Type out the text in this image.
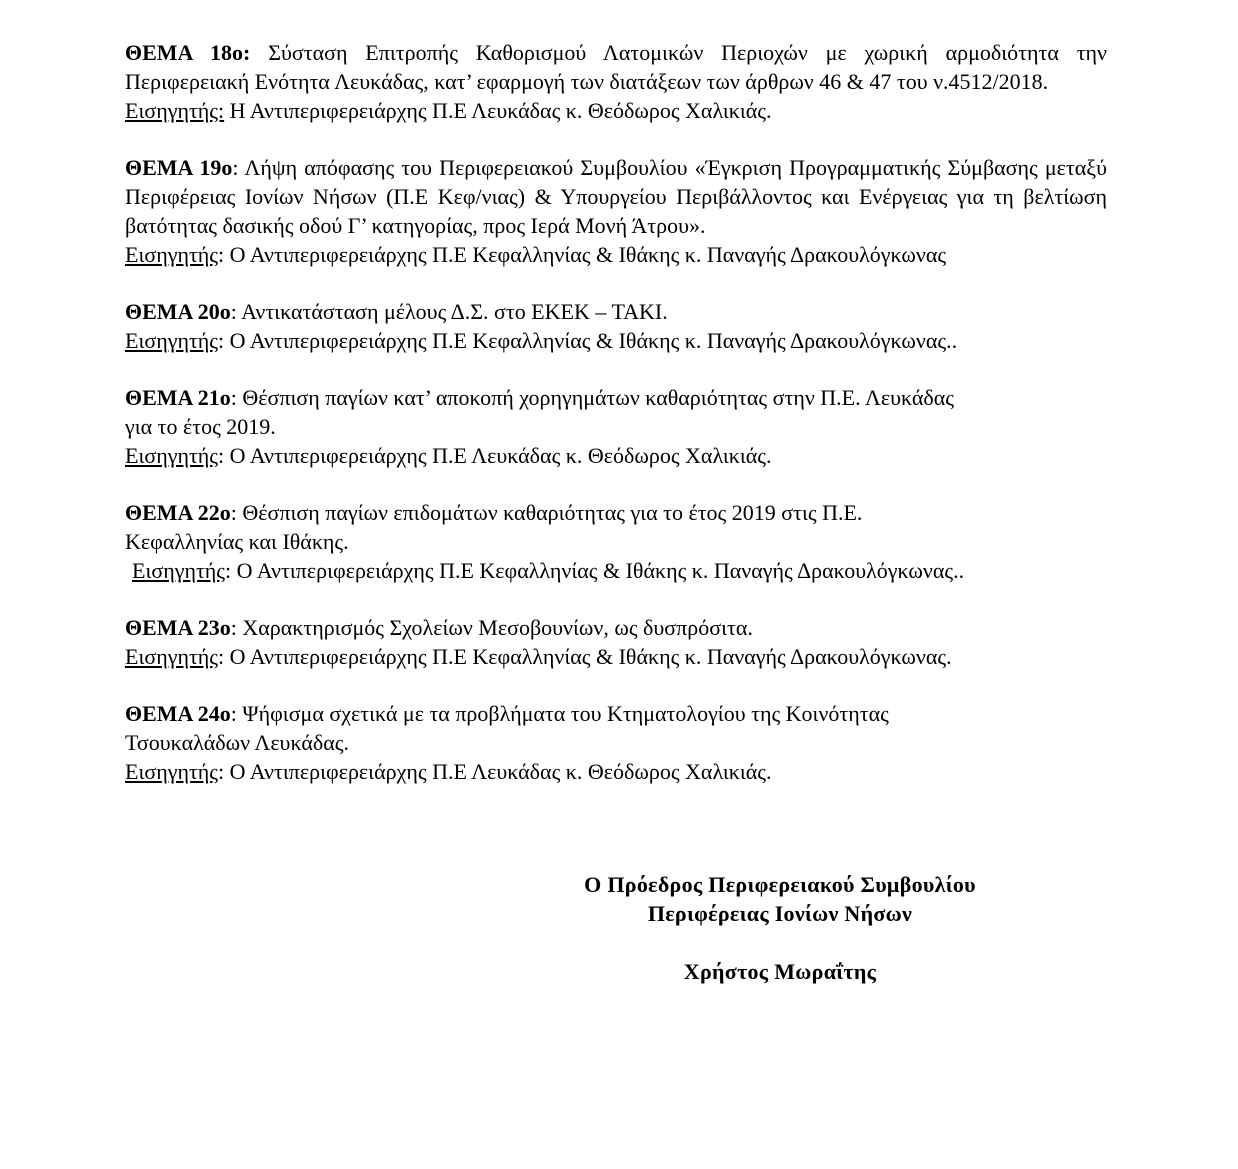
ΘΕΜΑ 18ο: Σύσταση Επιτροπής Καθορισμού Λατομικών Περιοχών με χωρική αρμοδιότητα την Περιφερειακή Ενότητα Λευκάδας, κατ’ εφαρμογή των διατάξεων των άρθρων 46 & 47 του ν.4512/2018.

Εισηγητής: Η Αντιπεριφερειάρχης Π.Ε Λευκάδας κ. Θεόδωρος Χαλικιάς.

ΘΕΜΑ 19ο: Λήψη απόφασης του Περιφερειακού Συμβουλίου «Έγκριση Προγραμματικής Σύμβασης μεταξύ Περιφέρειας Ιονίων Νήσων (Π.Ε Κεφ/νιας) & Υπουργείου Περιβάλλοντος και Ενέργειας για τη βελτίωση βατότητας δασικής οδού Γ’ κατηγορίας, προς Ιερά Μονή Άτρου».

Εισηγητής: Ο Αντιπεριφερειάρχης Π.Ε Κεφαλληνίας & Ιθάκης κ. Παναγής Δρακουλόγκωνας

ΘΕΜΑ 20ο: Αντικατάσταση μέλους Δ.Σ. στο ΕΚΕΚ – ΤΑΚΙ.

Εισηγητής: Ο Αντιπεριφερειάρχης Π.Ε Κεφαλληνίας & Ιθάκης κ. Παναγής Δρακουλόγκωνας..

ΘΕΜΑ 21ο: Θέσπιση παγίων κατ’ αποκοπή χορηγημάτων καθαριότητας στην Π.Ε. Λευκάδας

για το έτος 2019.

Εισηγητής: Ο Αντιπεριφερειάρχης Π.Ε Λευκάδας κ. Θεόδωρος Χαλικιάς.

ΘΕΜΑ 22ο: Θέσπιση παγίων επιδομάτων καθαριότητας για το έτος 2019 στις Π.Ε.

Κεφαλληνίας και Ιθάκης.

Εισηγητής: Ο Αντιπεριφερειάρχης Π.Ε Κεφαλληνίας & Ιθάκης κ. Παναγής Δρακουλόγκωνας..

ΘΕΜΑ 23ο: Χαρακτηρισμός Σχολείων Μεσοβουνίων, ως δυσπρόσιτα.

Εισηγητής: Ο Αντιπεριφερειάρχης Π.Ε Κεφαλληνίας & Ιθάκης κ. Παναγής Δρακουλόγκωνας.

ΘΕΜΑ 24ο: Ψήφισμα σχετικά με τα προβλήματα του Κτηματολογίου της Κοινότητας

Τσουκαλάδων Λευκάδας.

Εισηγητής: Ο Αντιπεριφερειάρχης Π.Ε Λευκάδας κ. Θεόδωρος Χαλικιάς.

Ο Πρόεδρος Περιφερειακού Συμβουλίου

Περιφέρειας Ιονίων Νήσων

Χρήστος Μωραΐτης
